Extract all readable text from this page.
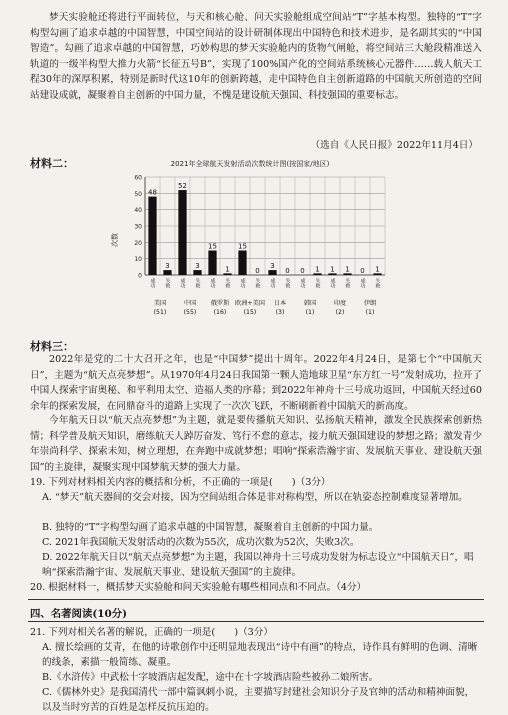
梦天实验舱还将进行平面转位，与天和核心舱、问天实验舱组成空间站“T”字基本构型。独特的“T”字构型勾画了追求卓越的中国智慧，中国空间站的设计研制体现出中国特色和技术进步，是名副其实的“中国智造”。勾画了追求卓越的中国智慧，巧妙构思的梦天实验舱内的货物气闸舱，将空间站三大舱段精准送入轨道的一级半构型大推力火箭“长征五号B”，实现了100%国产化的空间站系统核心元器件……载人航天工程30年的深厚积累，特别是新时代这10年的创新跨越，走中国特色自主创新道路的中国航天所创造的空间站建设成就，凝聚着自主创新的中国力量，不愧是建设航天强国、科技强国的重要标志。

（选自《人民日报》2022年11月4日）
材料二：	2021年全球航天发射活动次数统计图(按国家/地区)
次数
0
10
20
30
40
50
60
48
3
52
3
15
1
15
0
3
0 0 1 1 1 0 1
成功 失败
美国
(51)
成功 失败
中国
(55)
成功 失败
俄罗斯
(16)
成功 失败
欧洲+美国
(15)
成功 失败
日本
(3)
成功 失败
韩国
(1)
成功 失败
印度
(2)
成功 失败
伊朗
(1)
材料三：

2022年是党的二十大召开之年，也是“中国梦”提出十周年。2022年4月24日，是第七个“中国航天日”，主题为“航天点亮梦想”。从1970年4月24日我国第一颗人造地球卫星“东方红一号”发射成功，拉开了中国人探索宇宙奥秘、和平利用太空、造福人类的序幕；到2022年神舟十三号成功返回，中国航天经过60余年的探索发展，在同鼎奋斗的道路上实现了一次次飞跃，不断刷新着中国航天的新高度。

今年航天日以“航天点亮梦想”为主题，就是要传播航天知识、弘扬航天精神，激发全民族探索创新热情；科学普及航天知识，磨练航天人踔厉奋发、笃行不怠的意志，接力航天强国建设的梦想之路；激发青少年崇尚科学、探索未知，树立理想，在奔跑中成就梦想；唱响“探索浩瀚宇宙、发展航天事业、建设航天强国”的主旋律，凝聚实现中国梦航天梦的强大力量。

19. 下列对材料相关内容的概括和分析，不正确的一项是(　　)（3分）

A. “梦天”航天器间的交会对接，因为空间站组合体是非对称构型，所以在轨姿态控制难度显著增加。

B. 独特的“T”字构型勾画了追求卓越的中国智慧，凝聚着自主创新的中国力量。

C. 2021年我国航天发射活动的次数为55次，成功次数为52次，失败3次。

D. 2022年航天日以“航天点亮梦想”为主题，我国以神舟十三号成功发射为标志设立“中国航天日”，唱响“探索浩瀚宇宙、发展航天事业、建设航天强国”的主旋律。

20. 根据材料一，概括梦天实验舱和问天实验舱有哪些相同点和不同点。（4分）

四、名著阅读(10分)

21. 下列对相关名著的解说，正确的一项是(　　)（3分）

A. 擅长绘画的艾青，在他的诗歌创作中还明显地表现出“诗中有画”的特点，诗作具有鲜明的色调、清晰的线条，素描一般简练、凝重。

B.《水浒传》中武松十字坡酒店起发配，途中在十字坡酒店险些被孙二娘所害。

C.《儒林外史》是我国清代一部中篇讽刺小说，主要描写封建社会知识分子及官绅的活动和精神面貌，以及当时穷苦的百姓是怎样反抗压迫的。
